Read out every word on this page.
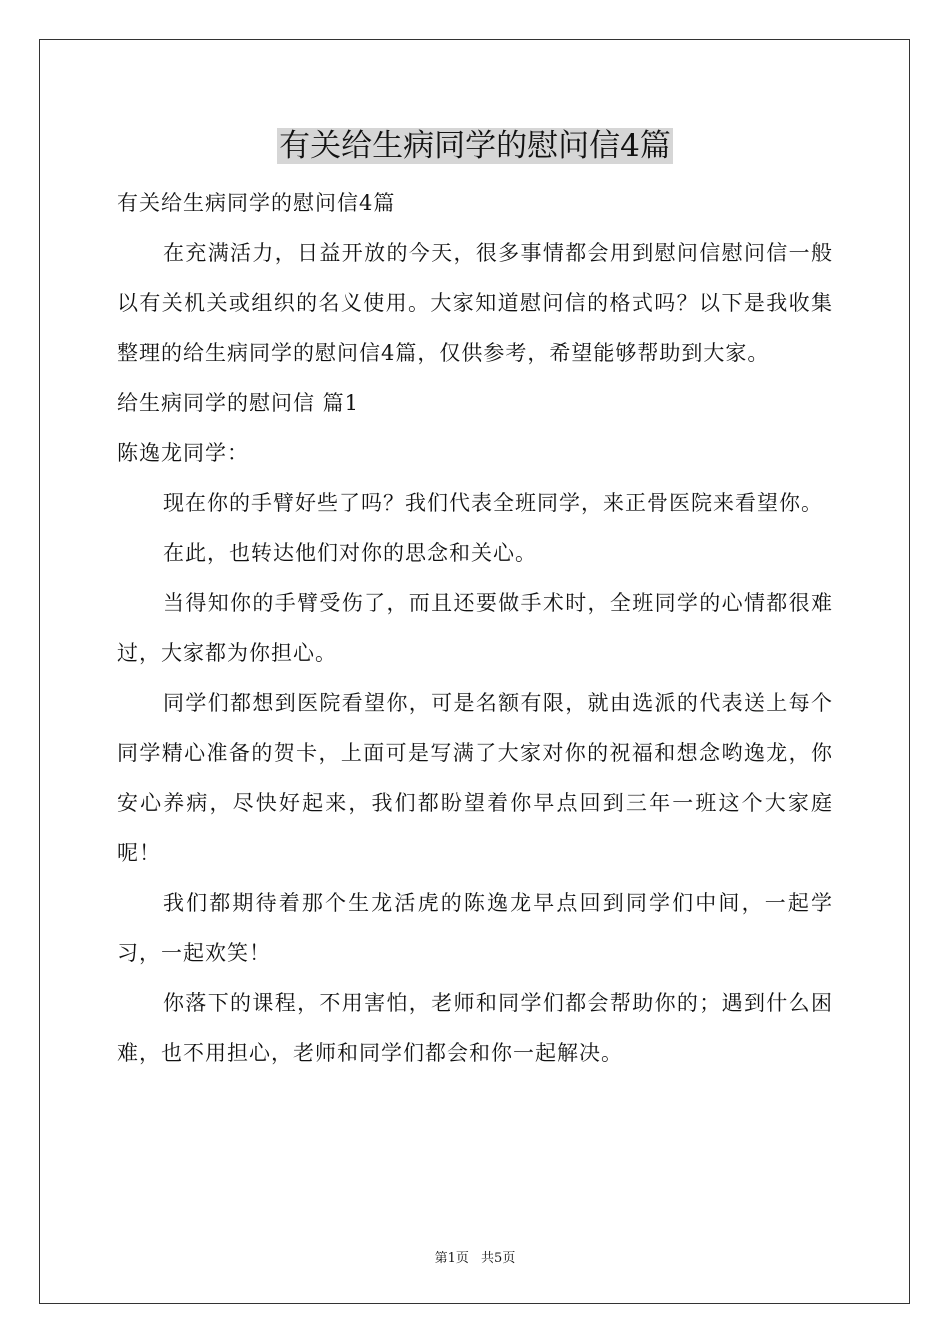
有关给生病同学的慰问信4篇

有关给生病同学的慰问信4篇

在充满活力，日益开放的今天，很多事情都会用到慰问信慰问信一般以有关机关或组织的名义使用。大家知道慰问信的格式吗？以下是我收集整理的给生病同学的慰问信4篇，仅供参考，希望能够帮助到大家。

给生病同学的慰问信 篇1

陈逸龙同学：

现在你的手臂好些了吗？我们代表全班同学，来正骨医院来看望你。

在此，也转达他们对你的思念和关心。

当得知你的手臂受伤了，而且还要做手术时，全班同学的心情都很难过，大家都为你担心。

同学们都想到医院看望你，可是名额有限，就由选派的代表送上每个同学精心准备的贺卡，上面可是写满了大家对你的祝福和想念哟逸龙，你安心养病，尽快好起来，我们都盼望着你早点回到三年一班这个大家庭呢！

我们都期待着那个生龙活虎的陈逸龙早点回到同学们中间，一起学习，一起欢笑！

你落下的课程，不用害怕，老师和同学们都会帮助你的；遇到什么困难，也不用担心，老师和同学们都会和你一起解决。

第1页 共5页
